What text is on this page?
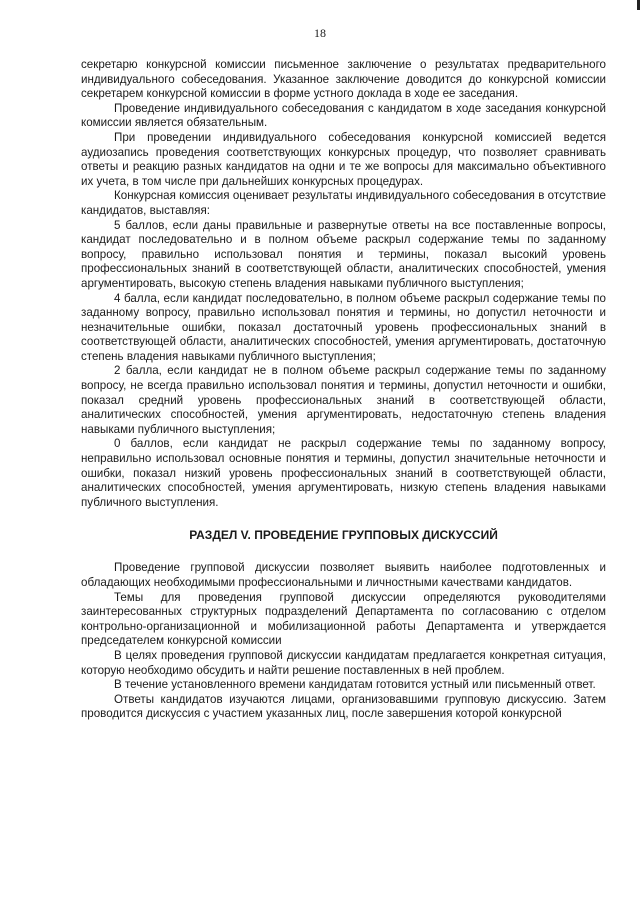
18

секретарю конкурсной комиссии письменное заключение о результатах предварительного индивидуального собеседования. Указанное заключение доводится до конкурсной комиссии секретарем конкурсной комиссии в форме устного доклада в ходе ее заседания.

Проведение индивидуального собеседования с кандидатом в ходе заседания конкурсной комиссии является обязательным.

При проведении индивидуального собеседования конкурсной комиссией ведется аудиозапись проведения соответствующих конкурсных процедур, что позволяет сравнивать ответы и реакцию разных кандидатов на одни и те же вопросы для максимально объективного их учета, в том числе при дальнейших конкурсных процедурах.

Конкурсная комиссия оценивает результаты индивидуального собеседования в отсутствие кандидатов, выставляя:

5 баллов, если даны правильные и развернутые ответы на все поставленные вопросы, кандидат последовательно и в полном объеме раскрыл содержание темы по заданному вопросу, правильно использовал понятия и термины, показал высокий уровень профессиональных знаний в соответствующей области, аналитических способностей, умения аргументировать, высокую степень владения навыками публичного выступления;

4 балла, если кандидат последовательно, в полном объеме раскрыл содержание темы по заданному вопросу, правильно использовал понятия и термины, но допустил неточности и незначительные ошибки, показал достаточный уровень профессиональных знаний в соответствующей области, аналитических способностей, умения аргументировать, достаточную степень владения навыками публичного выступления;

2 балла, если кандидат не в полном объеме раскрыл содержание темы по заданному вопросу, не всегда правильно использовал понятия и термины, допустил неточности и ошибки, показал средний уровень профессиональных знаний в соответствующей области, аналитических способностей, умения аргументировать, недостаточную степень владения навыками публичного выступления;

0 баллов, если кандидат не раскрыл содержание темы по заданному вопросу, неправильно использовал основные понятия и термины, допустил значительные неточности и ошибки, показал низкий уровень профессиональных знаний в соответствующей области, аналитических способностей, умения аргументировать, низкую степень владения навыками публичного выступления.

РАЗДЕЛ V. ПРОВЕДЕНИЕ ГРУППОВЫХ ДИСКУССИЙ

Проведение групповой дискуссии позволяет выявить наиболее подготовленных и обладающих необходимыми профессиональными и личностными качествами кандидатов.

Темы для проведения групповой дискуссии определяются руководителями заинтересованных структурных подразделений Департамента по согласованию с отделом контрольно-организационной и мобилизационной работы Департамента и утверждается председателем конкурсной комиссии

В целях проведения групповой дискуссии кандидатам предлагается конкретная ситуация, которую необходимо обсудить и найти решение поставленных в ней проблем.

В течение установленного времени кандидатам готовится устный или письменный ответ.

Ответы кандидатов изучаются лицами, организовавшими групповую дискуссию. Затем проводится дискуссия с участием указанных лиц, после завершения которой конкурсной
